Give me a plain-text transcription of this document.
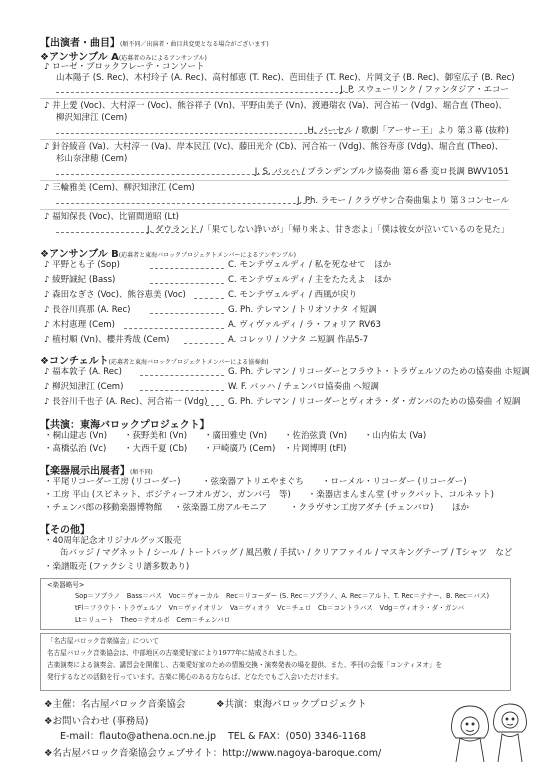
【出演者・曲目】(順不同／出演者・曲目共変更となる場合がございます)
❖アンサンブル A(応募者のみによるアンサンブル)
♪ ローゼ・ブロックフレーテ・コンソート
山本陽子 (S. Rec)、木村玲子 (A. Rec)、高村郁恵 (T. Rec)、芭田佳子 (T. Rec)、片岡文子 (B. Rec)、御室広子 (B. Rec)
J. P. スウェーリンク / ファンタジア・エコー
♪ 井上愛 (Voc)、大村淳一 (Voc)、熊谷祥子 (Vn)、平野由美子 (Vn)、渡邉瑞衣 (Va)、河合祐一 (Vdg)、堀合直 (Theo)、
柳沢知津江 (Cem)
H. パーセル / 歌劇「アーサー王」より 第３幕 (抜粋)
♪ 針谷綾音 (Va)、大村淳一 (Va)、岸本民江 (Vc)、藤田光介 (Cb)、河合祐一 (Vdg)、熊谷寿彦 (Vdg)、堀合直 (Theo)、
杉山奈津穂 (Cem)
J. S. バッハ / ブランデンブルク協奏曲 第６番 変ロ長調 BWV1051
♪ 三輪雅美 (Cem)、柳沢知津江 (Cem)
J. Ph. ラモー / クラヴサン合奏曲集より 第３コンセール
♪ 福知保長 (Voc)、比留間道昭 (Lt)
J. ダウランド /「果てしない諍いが」「帰り来よ、甘き恋よ」「僕は彼女が泣いているのを見た」
❖アンサンブル B(応募者と東海バロックプロジェクトメンバーによるアンサンブル)
♪ 平野とも子 (Sop)	C. モンテヴェルディ / 私を死なせて　ほか
♪ 綾野誠紀 (Bass)	C. モンテヴェルディ / 主をたたえよ　ほか
♪ 森田なぎさ (Voc)、熊谷恵美 (Voc)	C. モンテヴェルディ / 西風が戻り
♪ 長谷川真那 (A. Rec)	G. Ph. テレマン / トリオソナタ イ短調
♪ 木村恵理 (Cem)	A. ヴィヴァルディ / ラ・フォリア RV63
♪ 植村順 (Vn)、櫻井秀哉 (Cem)	A. コレッリ / ソナタ ニ短調 作品5-7
❖コンチェルト(応募者と東海バロックプロジェクトメンバーによる協奏曲)
♪ 福本敦子 (A. Rec)	G. Ph. テレマン / リコーダーとフラウト・トラヴェルソのための協奏曲 ホ短調
♪ 柳沢知津江 (Cem)	W. F. バッハ / チェンバロ協奏曲 ヘ短調
♪ 長谷川千也子 (A. Rec)、河合祐一 (Vdg) G. Ph. テレマン / リコーダーとヴィオラ・ダ・ガンバのための協奏曲 イ短調
【共演：東海バロックプロジェクト】
・桐山建志 (Vn) ・荻野美和 (Vn) ・廣田雅史 (Vn) ・佐治弦貴 (Vn) ・山内佑太 (Va)
・髙橋弘治 (Vc) ・大西千夏 (Cb) ・戸崎廣乃 (Cem) ・片岡博明 (tFl)
【楽器展示出展者】(順不同)
・平尾リコーダー工房 (リコーダー)	・弦楽器アトリエやまぐち ・ローメル・リコーダー (リコーダー)
・工房 平山 (スピネット、ポジティーフオルガン、ガンバ弓　等)　　・楽器店まんまん堂 (サックバット、コルネット)
・チェンバ郎の移動楽器博物館 ・弦楽器工房アルモニア	・クラヴサン工房アダチ (チェンバロ) ほか
【その他】
・40周年記念オリジナルグッズ販売
缶バッジ / マグネット / シール / トートバッグ / 風呂敷 / 手拭い / クリアファイル / マスキングテープ / Tシャツ　など
・楽譜販売 (ファクシミリ譜多数あり)
<楽器略号>
Sop＝ソプラノ　Bass＝バス　Voc＝ヴォーカル　Rec＝リコーダー (S. Rec＝ソプラノ、A. Rec＝アルト、T. Rec＝テナー、B. Rec＝バス)
tFl＝フラウト・トラヴェルソ　Vn＝ヴァイオリン　Va＝ヴィオラ　Vc＝チェロ　Cb＝コントラバス　Vdg＝ヴィオラ・ダ・ガンバ
Lt＝リュート　Theo＝テオルボ　Cem＝チェンバロ
「名古屋バロック音楽協会」について
名古屋バロック音楽協会は、中部地区の古楽愛好家により1977年に結成されました。
古楽演奏による演奏会、講習会を開催し、古楽愛好家のための情報交換・演奏発表の場を提供、また、季刊の会報「コンティヌオ」を
発行するなどの活動を行っています。古楽に関心のある方ならば、どなたでもご入会いただけます。
❖主催：名古屋バロック音楽協会	❖共演：東海バロックプロジェクト
❖お問い合わせ (事務局)
E-mail：flauto@athena.ocn.ne.jp TEL & FAX：(050) 3346-1168
❖名古屋バロック音楽協会ウェブサイト：http://www.nagoya-baroque.com/
